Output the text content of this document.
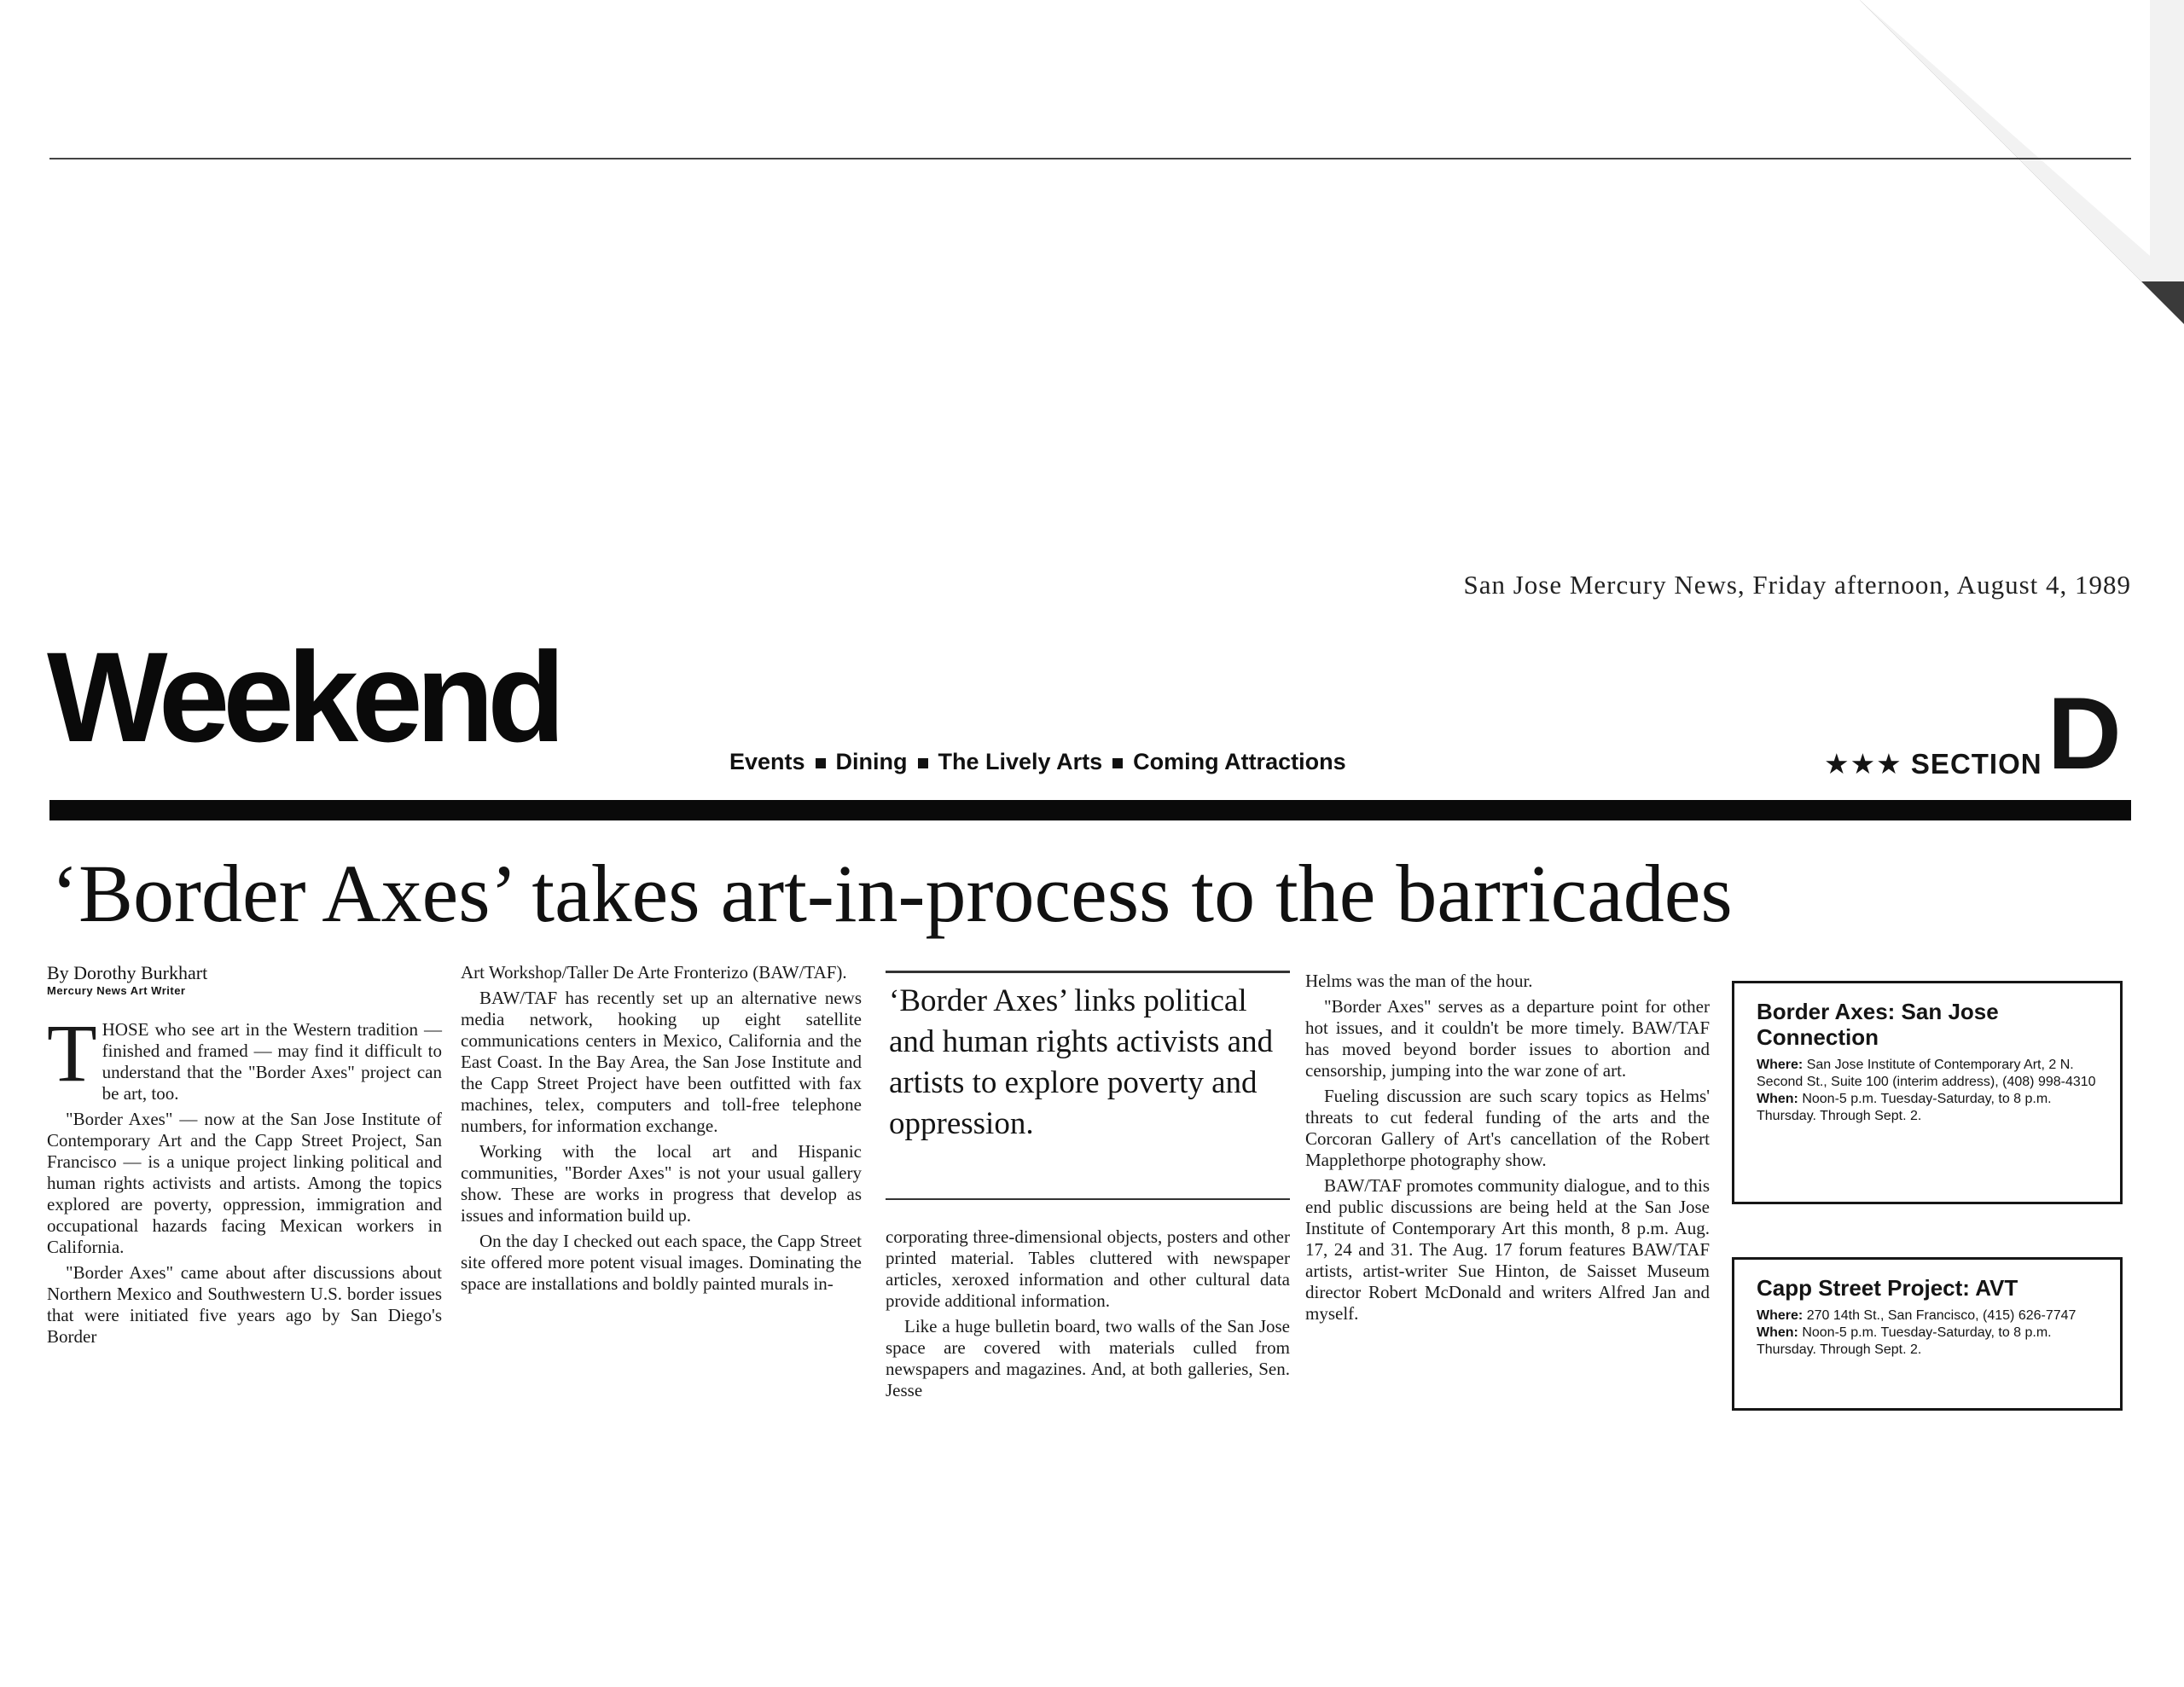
San Jose Mercury News, Friday afternoon, August 4, 1989
Weekend	Events Dining The Lively Arts Coming Attractions	★★★ SECTION D
‘Border Axes’ takes art-in-process to the barricades
By Dorothy Burkhart
Mercury News Art Writer

THOSE who see art in the Western tradition — finished and framed — may find it difficult to understand that the "Border Axes" project can be art, too.

"Border Axes" — now at the San Jose Institute of Contemporary Art and the Capp Street Project, San Francisco — is a unique project linking political and human rights activists and artists. Among the topics explored are poverty, oppression, immigration and occupational hazards facing Mexican workers in California.

"Border Axes" came about after discussions about Northern Mexico and Southwestern U.S. border issues that were initiated five years ago by San Diego's Border

Art Workshop/Taller De Arte Fronterizo (BAW/TAF).

BAW/TAF has recently set up an alternative news media network, hooking up eight satellite communications centers in Mexico, California and the East Coast. In the Bay Area, the San Jose Institute and the Capp Street Project have been outfitted with fax machines, telex, computers and toll-free telephone numbers, for information exchange.

Working with the local art and Hispanic communities, "Border Axes" is not your usual gallery show. These are works in progress that develop as issues and information build up.

On the day I checked out each space, the Capp Street site offered more potent visual images. Dominating the space are installations and boldly painted murals in-

‘Border Axes’ links political and human rights activists and artists to explore poverty and oppression.

corporating three-dimensional objects, posters and other printed material. Tables cluttered with newspaper articles, xeroxed information and other cultural data provide additional information.

Like a huge bulletin board, two walls of the San Jose space are covered with materials culled from newspapers and magazines. And, at both galleries, Sen. Jesse

Helms was the man of the hour.

"Border Axes" serves as a departure point for other hot issues, and it couldn't be more timely. BAW/TAF has moved beyond border issues to abortion and censorship, jumping into the war zone of art.

Fueling discussion are such scary topics as Helms' threats to cut federal funding of the arts and the Corcoran Gallery of Art's cancellation of the Robert Mapplethorpe photography show.

BAW/TAF promotes community dialogue, and to this end public discussions are being held at the San Jose Institute of Contemporary Art this month, 8 p.m. Aug. 17, 24 and 31. The Aug. 17 forum features BAW/TAF artists, artist-writer Sue Hinton, de Saisset Museum director Robert McDonald and writers Alfred Jan and myself.

Border Axes: San Jose Connection
Where: San Jose Institute of Contemporary Art, 2 N. Second St., Suite 100 (interim address), (408) 998-4310
When: Noon-5 p.m. Tuesday-Saturday, to 8 p.m. Thursday. Through Sept. 2.
Capp Street Project: AVT
Where: 270 14th St., San Francisco, (415) 626-7747
When: Noon-5 p.m. Tuesday-Saturday, to 8 p.m. Thursday. Through Sept. 2.
